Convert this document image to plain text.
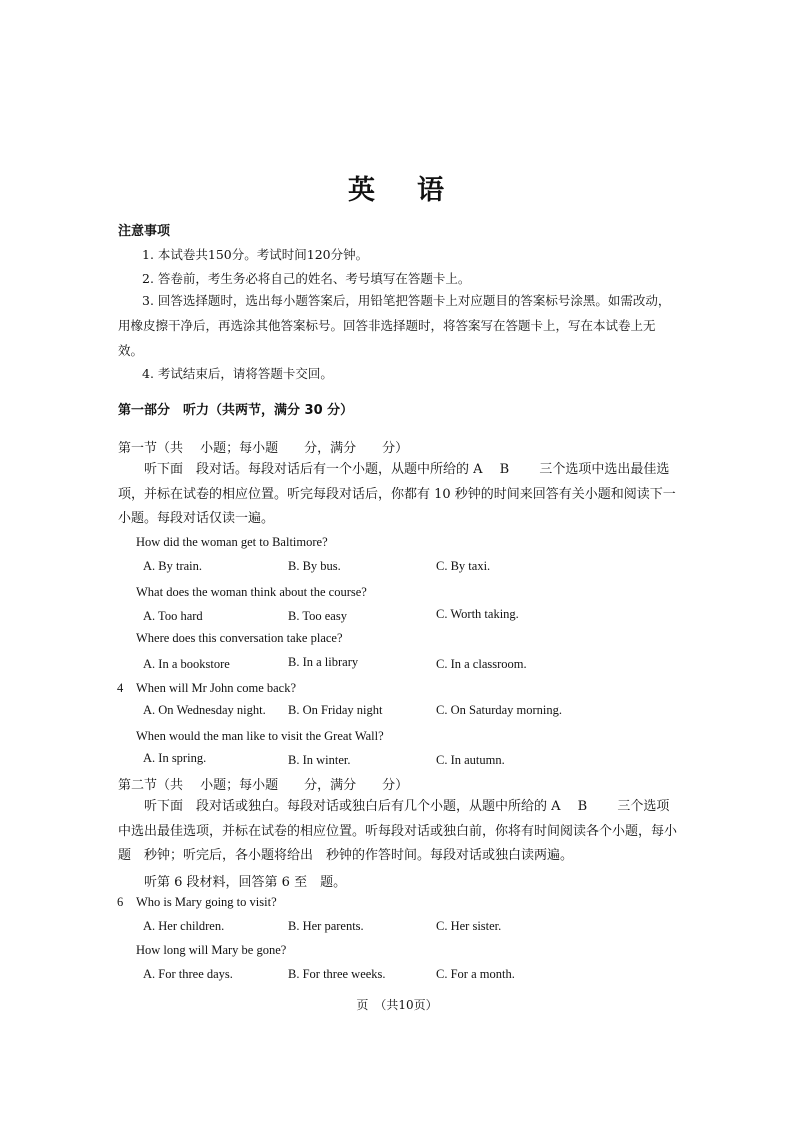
英 语
注意事项
1. 本试卷共150分。考试时间120分钟。
2. 答卷前，考生务必将自己的姓名、考号填写在答题卡上。
3. 回答选择题时，选出每小题答案后，用铅笔把答题卡上对应题目的答案标号涂黑。如需改动，用橡皮擦干净后，再选涂其他答案标号。回答非选择题时，将答案写在答题卡上，写在本试卷上无效。
4. 考试结束后，请将答题卡交回。
第一部分　听力（共两节，满分 30 分）
第一节（共　 小题；每小题　　分，满分　　分）
听下面　段对话。每段对话后有一个小题，从题中所给的 A 　B 　　三个选项中选出最佳选项，并标在试卷的相应位置。听完每段对话后，你都有 10 秒钟的时间来回答有关小题和阅读下一小题。每段对话仅读一遍。
How did the woman get to Baltimore?
A. By train.	B. By bus.	C. By taxi.
What does the woman think about the course?
A. Too hard	B. Too easy	C. Worth taking.
Where does this conversation take place?
A. In a bookstore	B. In a library	C. In a classroom.
4 When will Mr John come back?
A. On Wednesday night. B. On Friday night	C. On Saturday morning.
When would the man like to visit the Great Wall?
A. In spring.	B. In winter.	C. In autumn.
第二节（共　 小题；每小题　　分，满分　　分）
听下面　段对话或独白。每段对话或独白后有几个小题，从题中所给的 A 　B 　　三个选项中选出最佳选项，并标在试卷的相应位置。听每段对话或独白前，你将有时间阅读各个小题，每小题　秒钟；听完后，各小题将给出　秒钟的作答时间。每段对话或独白读两遍。
听第 6 段材料，回答第 6 至　题。
6 Who is Mary going to visit?
A. Her children.	B. Her parents.	C. Her sister.
How long will Mary be gone?
A. For three days.	B. For three weeks.	C. For a month.
页　（共10页）
